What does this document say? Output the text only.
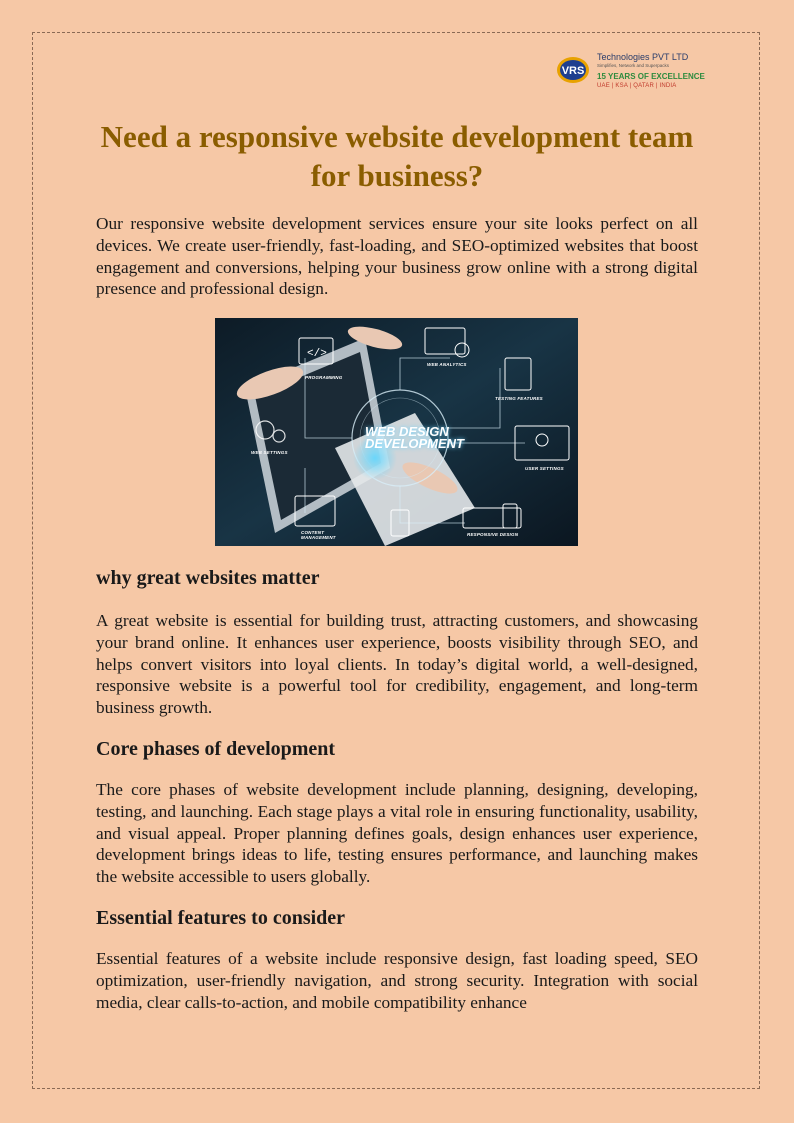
VRS
Technologies PVT LTD
Simplifies, Network and Superpacks
15 YEARS OF EXCELLENCE
UAE | KSA | QATAR | INDIA
Need a responsive website development team for business?
Our responsive website development services ensure your site looks perfect on all devices. We create user-friendly, fast-loading, and SEO-optimized websites that boost engagement and conversions, helping your business grow online with a strong digital presence and professional design.
</>
WEB DESIGN
DEVELOPMENT
PROGRAMMING
WEB ANALYTICS
TESTING FEATURES
WEB SETTINGS
USER SETTINGS
CONTENT MANAGEMENT
RESPONSIVE DESIGN
why great websites matter
A great website is essential for building trust, attracting customers, and showcasing your brand online. It enhances user experience, boosts visibility through SEO, and helps convert visitors into loyal clients. In today’s digital world, a well-designed, responsive website is a powerful tool for credibility, engagement, and long-term business growth.
Core phases of development
The core phases of website development include planning, designing, developing, testing, and launching. Each stage plays a vital role in ensuring functionality, usability, and visual appeal. Proper planning defines goals, design enhances user experience, development brings ideas to life, testing ensures performance, and launching makes the website accessible to users globally.
Essential features to consider
Essential features of a website include responsive design, fast loading speed, SEO optimization, user-friendly navigation, and strong security. Integration with social media, clear calls-to-action, and mobile compatibility enhance
